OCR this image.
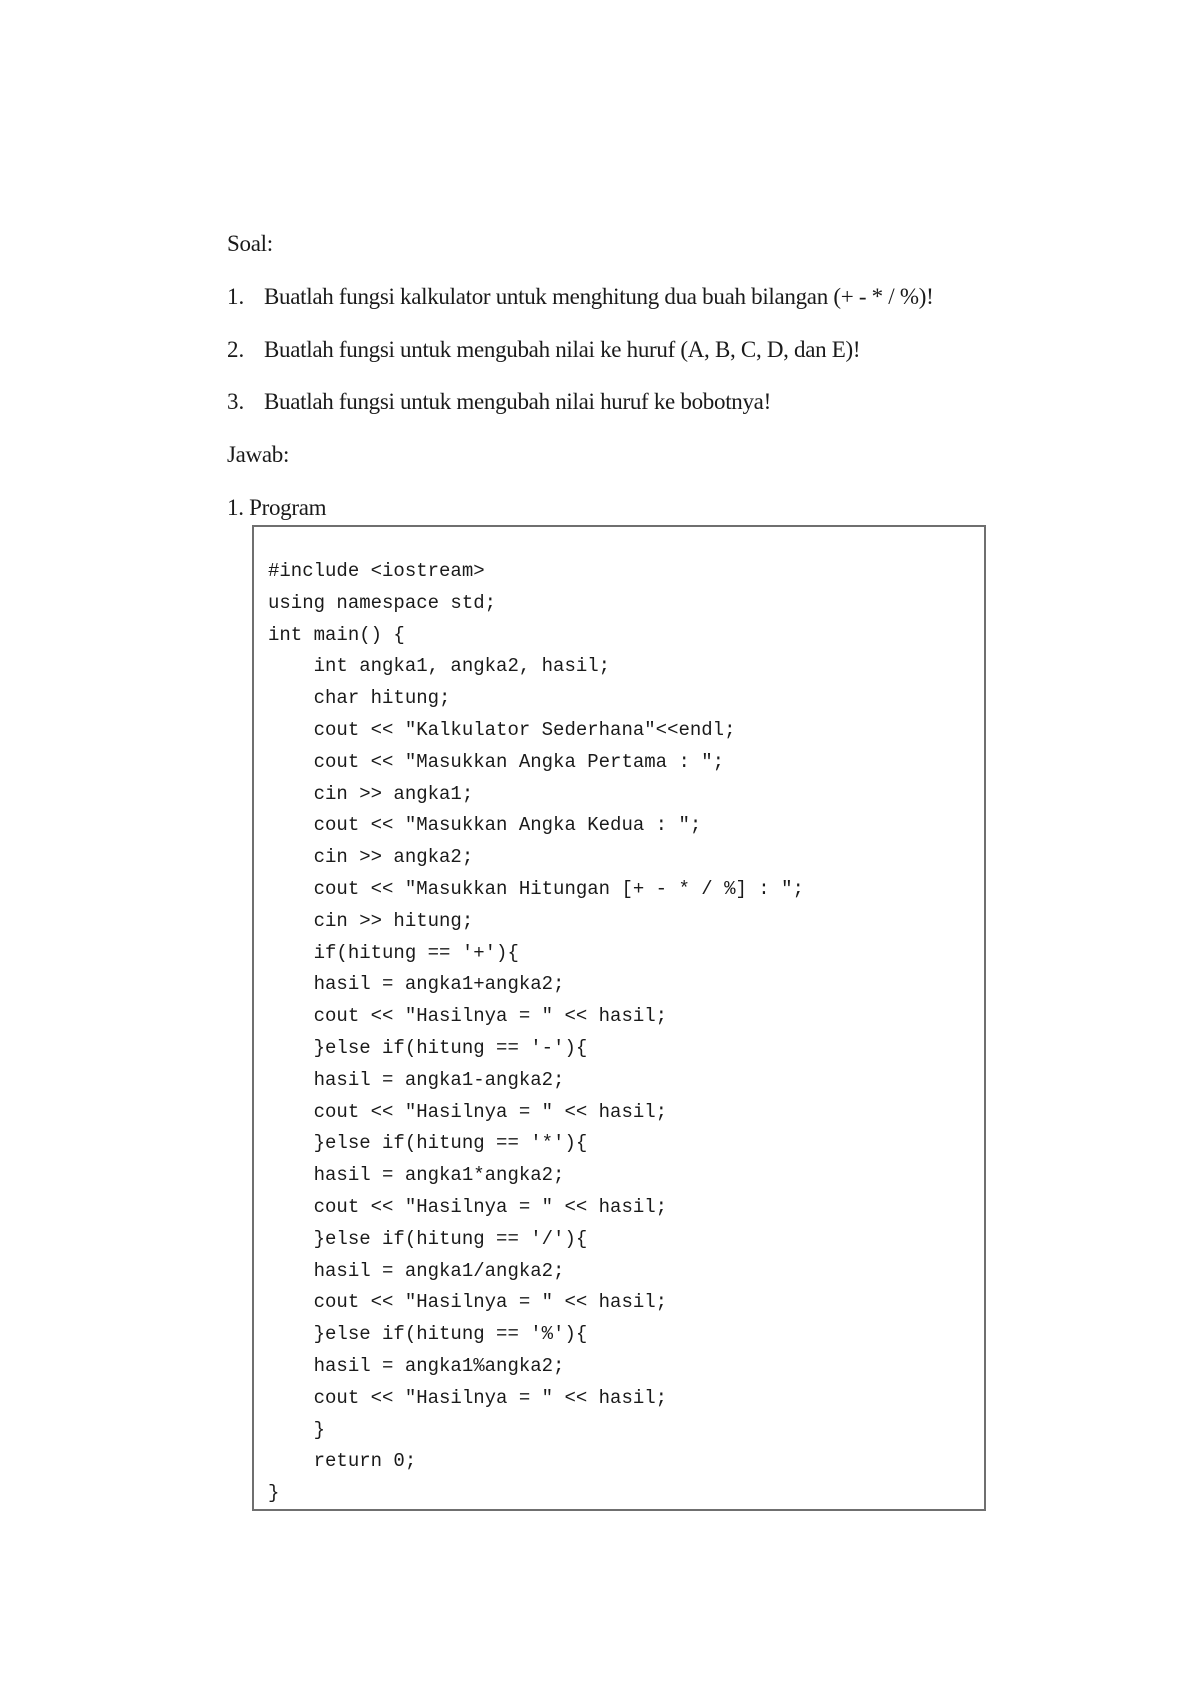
Soal:
1. Buatlah fungsi kalkulator untuk menghitung dua buah bilangan (+ - * / %)!
2. Buatlah fungsi untuk mengubah nilai ke huruf (A, B, C, D, dan E)!
3. Buatlah fungsi untuk mengubah nilai huruf ke bobotnya!
Jawab:
1. Program
#include <iostream>
using namespace std;
int main() {
int angka1, angka2, hasil;
char hitung;
cout << "Kalkulator Sederhana"<<endl;
cout << "Masukkan Angka Pertama : ";
cin >> angka1;
cout << "Masukkan Angka Kedua : ";
cin >> angka2;
cout << "Masukkan Hitungan [+ - * / %] : ";
cin >> hitung;
if(hitung == '+'){
hasil = angka1+angka2;
cout << "Hasilnya = " << hasil;
}else if(hitung == '-'){
hasil = angka1-angka2;
cout << "Hasilnya = " << hasil;
}else if(hitung == '*'){
hasil = angka1*angka2;
cout << "Hasilnya = " << hasil;
}else if(hitung == '/'){
hasil = angka1/angka2;
cout << "Hasilnya = " << hasil;
}else if(hitung == '%'){
hasil = angka1%angka2;
cout << "Hasilnya = " << hasil;
}
return 0;
}
